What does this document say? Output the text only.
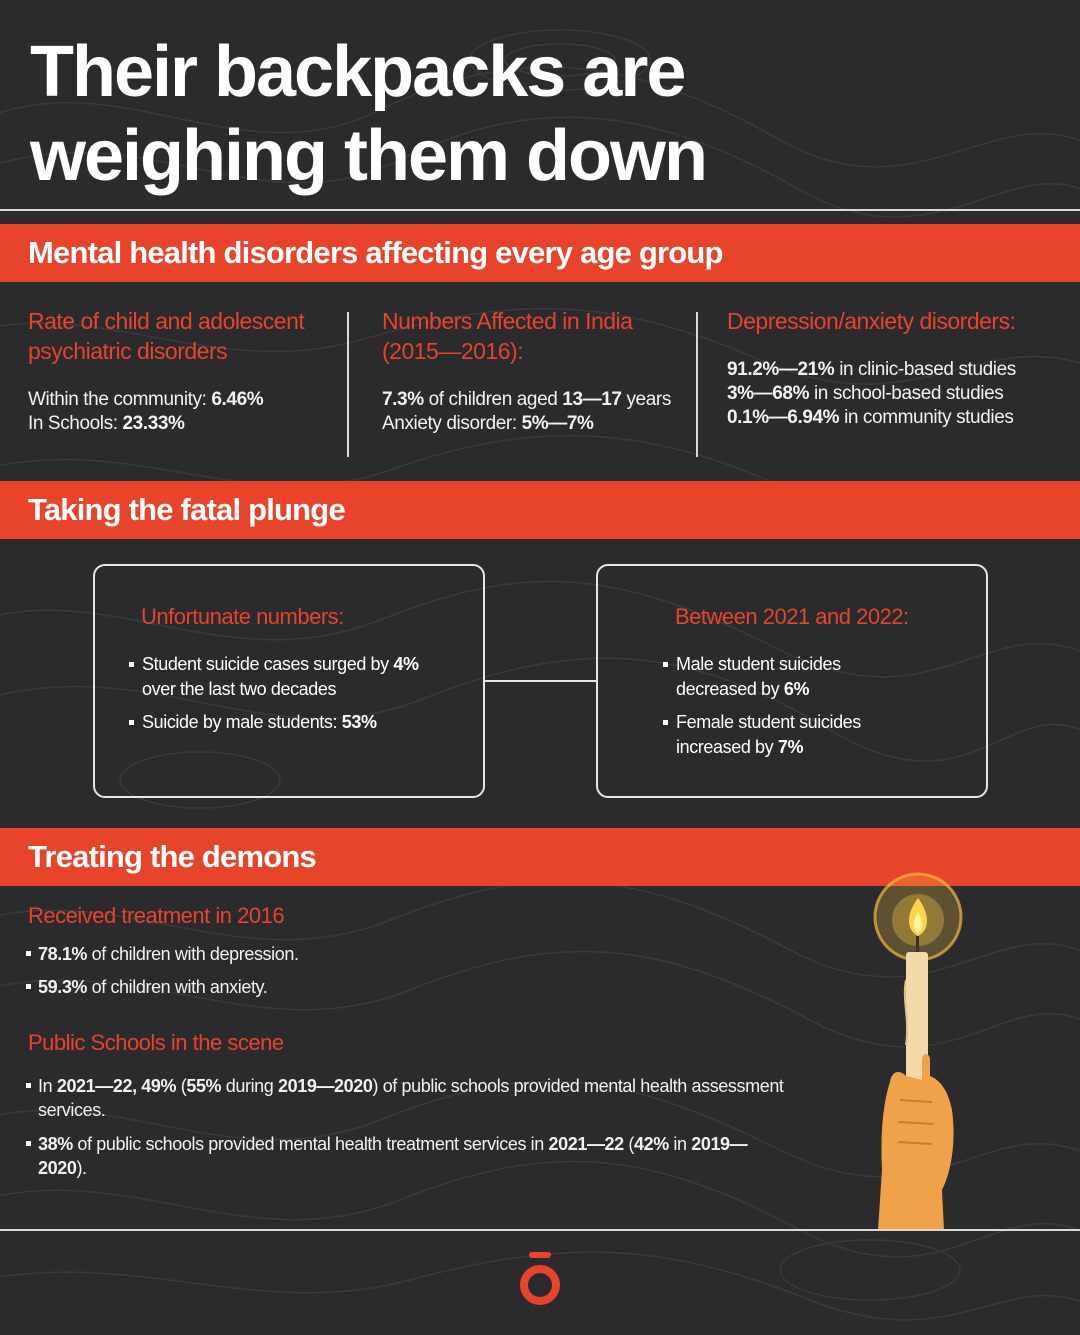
Their backpacks are
weighing them down
Mental health disorders affecting every age group
Rate of child and adolescent psychiatric disorders
Within the community: 6.46%
In Schools: 23.33%
Numbers Affected in India (2015—2016):
7.3% of children aged 13—17 years
Anxiety disorder: 5%—7%
Depression/anxiety disorders:
91.2%—21% in clinic-based studies
3%—68% in school-based studies
0.1%—6.94% in community studies
Taking the fatal plunge
Unfortunate numbers:
Student suicide cases surged by 4% over the last two decades
Suicide by male students: 53%
Between 2021 and 2022:
Male student suicides decreased by 6%
Female student suicides increased by 7%
Treating the demons
Received treatment in 2016
78.1% of children with depression.
59.3% of children with anxiety.
Public Schools in the scene
In 2021—22, 49% (55% during 2019—2020) of public schools provided mental health assessment services.
38% of public schools provided mental health treatment services in 2021—22 (42% in 2019—2020).
